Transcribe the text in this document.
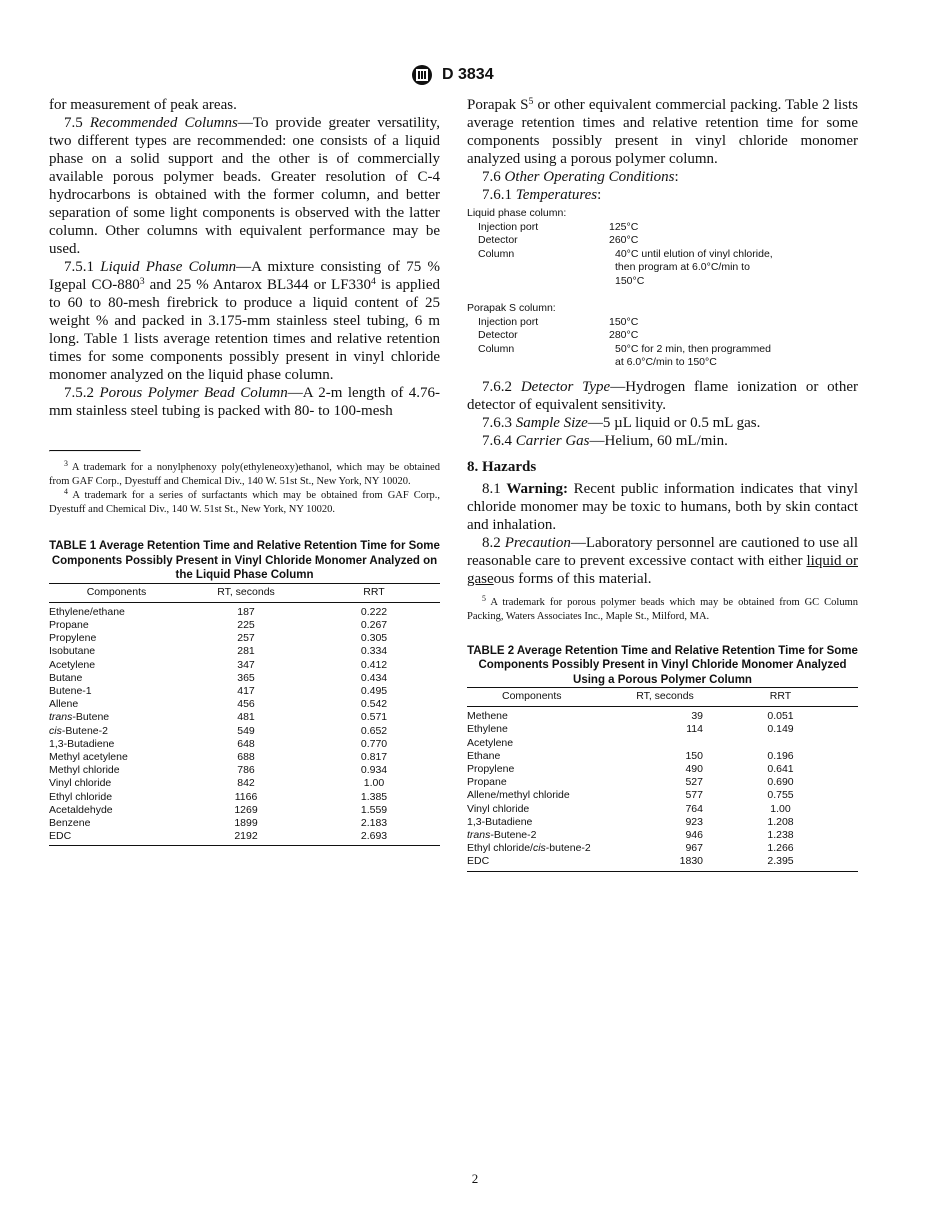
D 3834

for measurement of peak areas.

7.5 Recommended Columns—To provide greater versatility, two different types are recommended: one consists of a liquid phase on a solid support and the other is of commercially available porous polymer beads. Greater resolution of C-4 hydrocarbons is obtained with the former column, and better separation of some light components is observed with the latter column. Other columns with equivalent performance may be used.

7.5.1 Liquid Phase Column—A mixture consisting of 75 % Igepal $CO-880^3$ and 25 % Antarox BL344 or $LF330^4$ is applied to 60 to 80-mesh firebrick to produce a liquid content of 25 weight % and packed in 3.175-mm stainless steel tubing, 6 m long. Table 1 lists average retention times and relative retention times for some components possibly present in vinyl chloride monomer analyzed on the liquid phase column.

7.5.2 Porous Polymer Bead Column—A 2-m length of 4.76-mm stainless steel tubing is packed with 80- to 100-mesh

$^3$ A trademark for a nonylphenoxy poly(ethyleneoxy)ethanol, which may be obtained from GAF Corp., Dyestuff and Chemical Div., 140 W. 51st St., New York, NY 10020.

$^4$ A trademark for a series of surfactants which may be obtained from GAF Corp., Dyestuff and Chemical Div., 140 W. 51st St., New York, NY 10020.

TABLE 1 Average Retention Time and Relative Retention Time for Some Components Possibly Present in Vinyl Chloride Monomer Analyzed on the Liquid Phase Column

Components	RT, seconds	RRT
Ethylene/ethane	187	0.222
Propane	225	0.267
Propylene	257	0.305
Isobutane	281	0.334
Acetylene	347	0.412
Butane	365	0.434
Butene-1	417	0.495
Allene	456	0.542
trans-Butene	481	0.571
cis-Butene-2	549	0.652
1,3-Butadiene	648	0.770
Methyl acetylene	688	0.817
Methyl chloride	786	0.934
Vinyl chloride	842	1.00
Ethyl chloride	1166	1.385
Acetaldehyde	1269	1.559
Benzene	1899	2.183
EDC	2192	2.693

Porapak $S^5$ or other equivalent commercial packing. Table 2 lists average retention times and relative retention time for some components possibly present in vinyl chloride monomer analyzed using a porous polymer column.

7.6 Other Operating Conditions:

7.6.1 Temperatures:

Liquid phase column:

Injection port	125°C
Detector	260°C
Column	40°C until elution of vinyl chloride, then program at 6.0°C/min to 150°C

Porapak S column:

Injection port	150°C
Detector	280°C
Column	50°C for 2 min, then programmed at 6.0°C/min to 150°C

7.6.2 Detector Type—Hydrogen flame ionization or other detector of equivalent sensitivity.

7.6.3 Sample Size—5 µL liquid or 0.5 mL gas.

7.6.4 Carrier Gas—Helium, 60 mL/min.

8. Hazards

8.1 Warning: Recent public information indicates that vinyl chloride monomer may be toxic to humans, both by skin contact and inhalation.

8.2 Precaution—Laboratory personnel are cautioned to use all reasonable care to prevent excessive contact with either liquid or gaseous forms of this material.

$^5$ A trademark for porous polymer beads which may be obtained from GC Column Packing, Waters Associates Inc., Maple St., Milford, MA.

TABLE 2 Average Retention Time and Relative Retention Time for Some Components Possibly Present in Vinyl Chloride Monomer Analyzed Using a Porous Polymer Column

Components	RT, seconds	RRT
Methene	39	0.051
Ethylene	114	0.149
Acetylene		
Ethane	150	0.196
Propylene	490	0.641
Propane	527	0.690
Allene/methyl chloride	577	0.755
Vinyl chloride	764	1.00
1,3-Butadiene	923	1.208
trans-Butene-2	946	1.238
Ethyl chloride/cis-butene-2	967	1.266
EDC	1830	2.395
2
